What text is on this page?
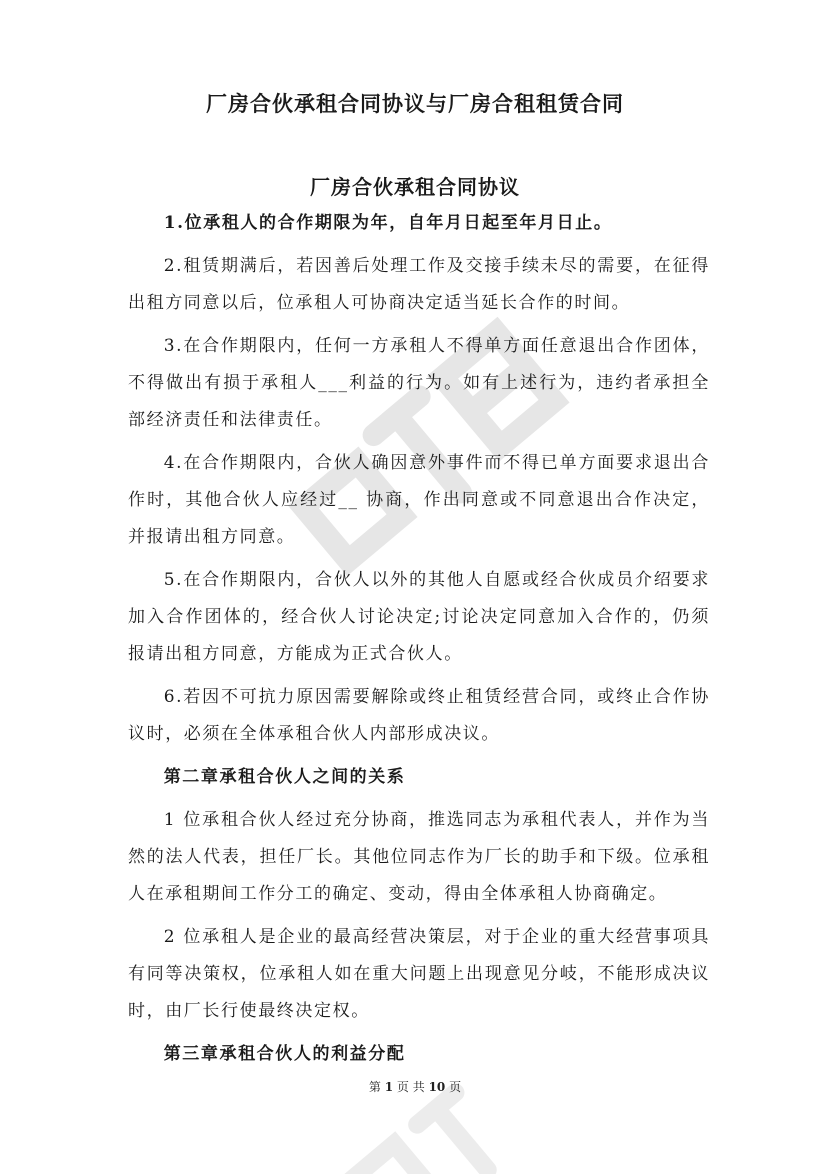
厂房合伙承租合同协议与厂房合租租赁合同
厂房合伙承租合同协议

1.位承租人的合作期限为年，自年月日起至年月日止。

2.租赁期满后，若因善后处理工作及交接手续未尽的需要，在征得出租方同意以后，位承租人可协商决定适当延长合作的时间。

3.在合作期限内，任何一方承租人不得单方面任意退出合作团体，不得做出有损于承租人___利益的行为。如有上述行为，违约者承担全部经济责任和法律责任。

4.在合作期限内，合伙人确因意外事件而不得已单方面要求退出合作时，其他合伙人应经过__ 协商，作出同意或不同意退出合作决定，并报请出租方同意。

5.在合作期限内，合伙人以外的其他人自愿或经合伙成员介绍要求加入合作团体的，经合伙人讨论决定;讨论决定同意加入合作的，仍须报请出租方同意，方能成为正式合伙人。

6.若因不可抗力原因需要解除或终止租赁经营合同，或终止合作协议时，必须在全体承租合伙人内部形成决议。

第二章承租合伙人之间的关系

1 位承租合伙人经过充分协商，推选同志为承租代表人，并作为当然的法人代表，担任厂长。其他位同志作为厂长的助手和下级。位承租人在承租期间工作分工的确定、变动，得由全体承租人协商确定。

2 位承租人是企业的最高经营决策层，对于企业的重大经营事项具有同等决策权，位承租人如在重大问题上出现意见分岐，不能形成决议时，由厂长行使最终决定权。

第三章承租合伙人的利益分配

第 1 页 共 10 页
